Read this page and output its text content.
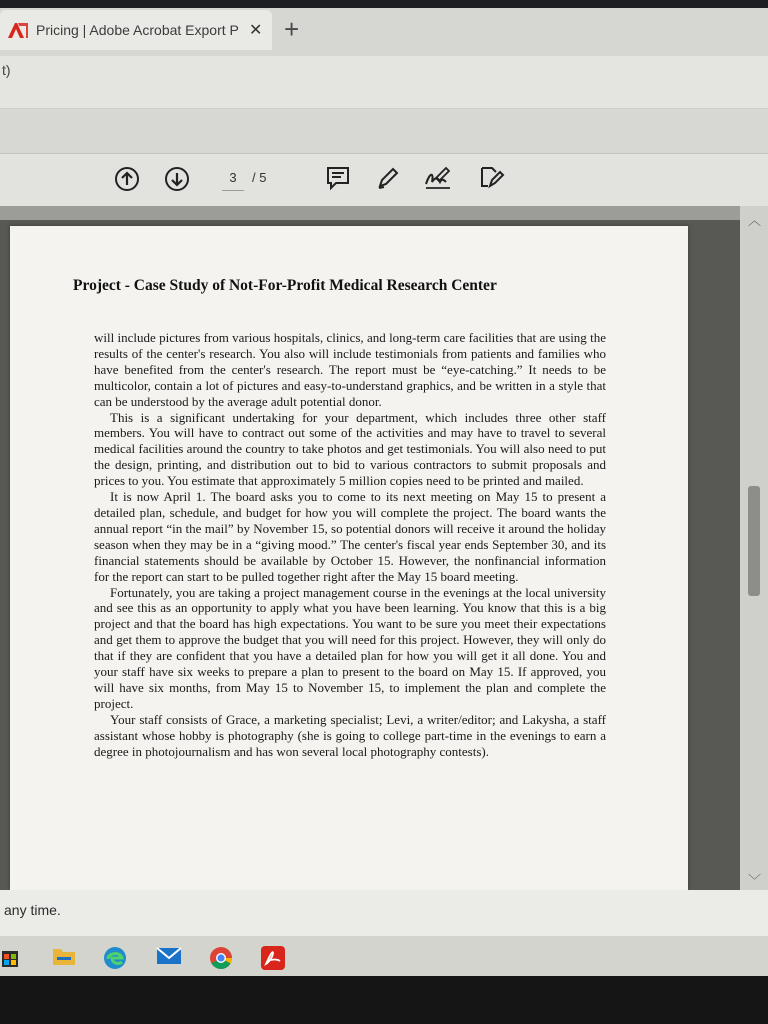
Pricing | Adobe Acrobat Export P ✕ +
t)
3	/ 5
Project - Case Study of Not-For-Profit Medical Research Center

will include pictures from various hospitals, clinics, and long-term care facilities that are using the results of the center's research. You also will include testimonials from patients and families who have benefited from the center's research. The report must be “eye-catching.” It needs to be multicolor, contain a lot of pictures and easy-to-understand graphics, and be written in a style that can be understood by the average adult potential donor.

This is a significant undertaking for your department, which includes three other staff members. You will have to contract out some of the activities and may have to travel to several medical facilities around the country to take photos and get testimonials. You will also need to put the design, printing, and distribution out to bid to various contractors to submit proposals and prices to you. You estimate that approximately 5 million copies need to be printed and mailed.

It is now April 1. The board asks you to come to its next meeting on May 15 to present a detailed plan, schedule, and budget for how you will complete the project. The board wants the annual report “in the mail” by November 15, so potential donors will receive it around the holiday season when they may be in a “giving mood.” The center's fiscal year ends September 30, and its financial statements should be available by October 15. However, the nonfinancial information for the report can start to be pulled together right after the May 15 board meeting.

Fortunately, you are taking a project management course in the evenings at the local university and see this as an opportunity to apply what you have been learning. You know that this is a big project and that the board has high expectations. You want to be sure you meet their expectations and get them to approve the budget that you will need for this project. However, they will only do that if they are confident that you have a detailed plan for how you will get it all done. You and your staff have six weeks to prepare a plan to present to the board on May 15. If approved, you will have six months, from May 15 to November 15, to implement the plan and complete the project.

Your staff consists of Grace, a marketing specialist; Levi, a writer/editor; and Lakysha, a staff assistant whose hobby is photography (she is going to college part-time in the evenings to earn a degree in photojournalism and has won several local photography contests).

︿
﹀
any time.
